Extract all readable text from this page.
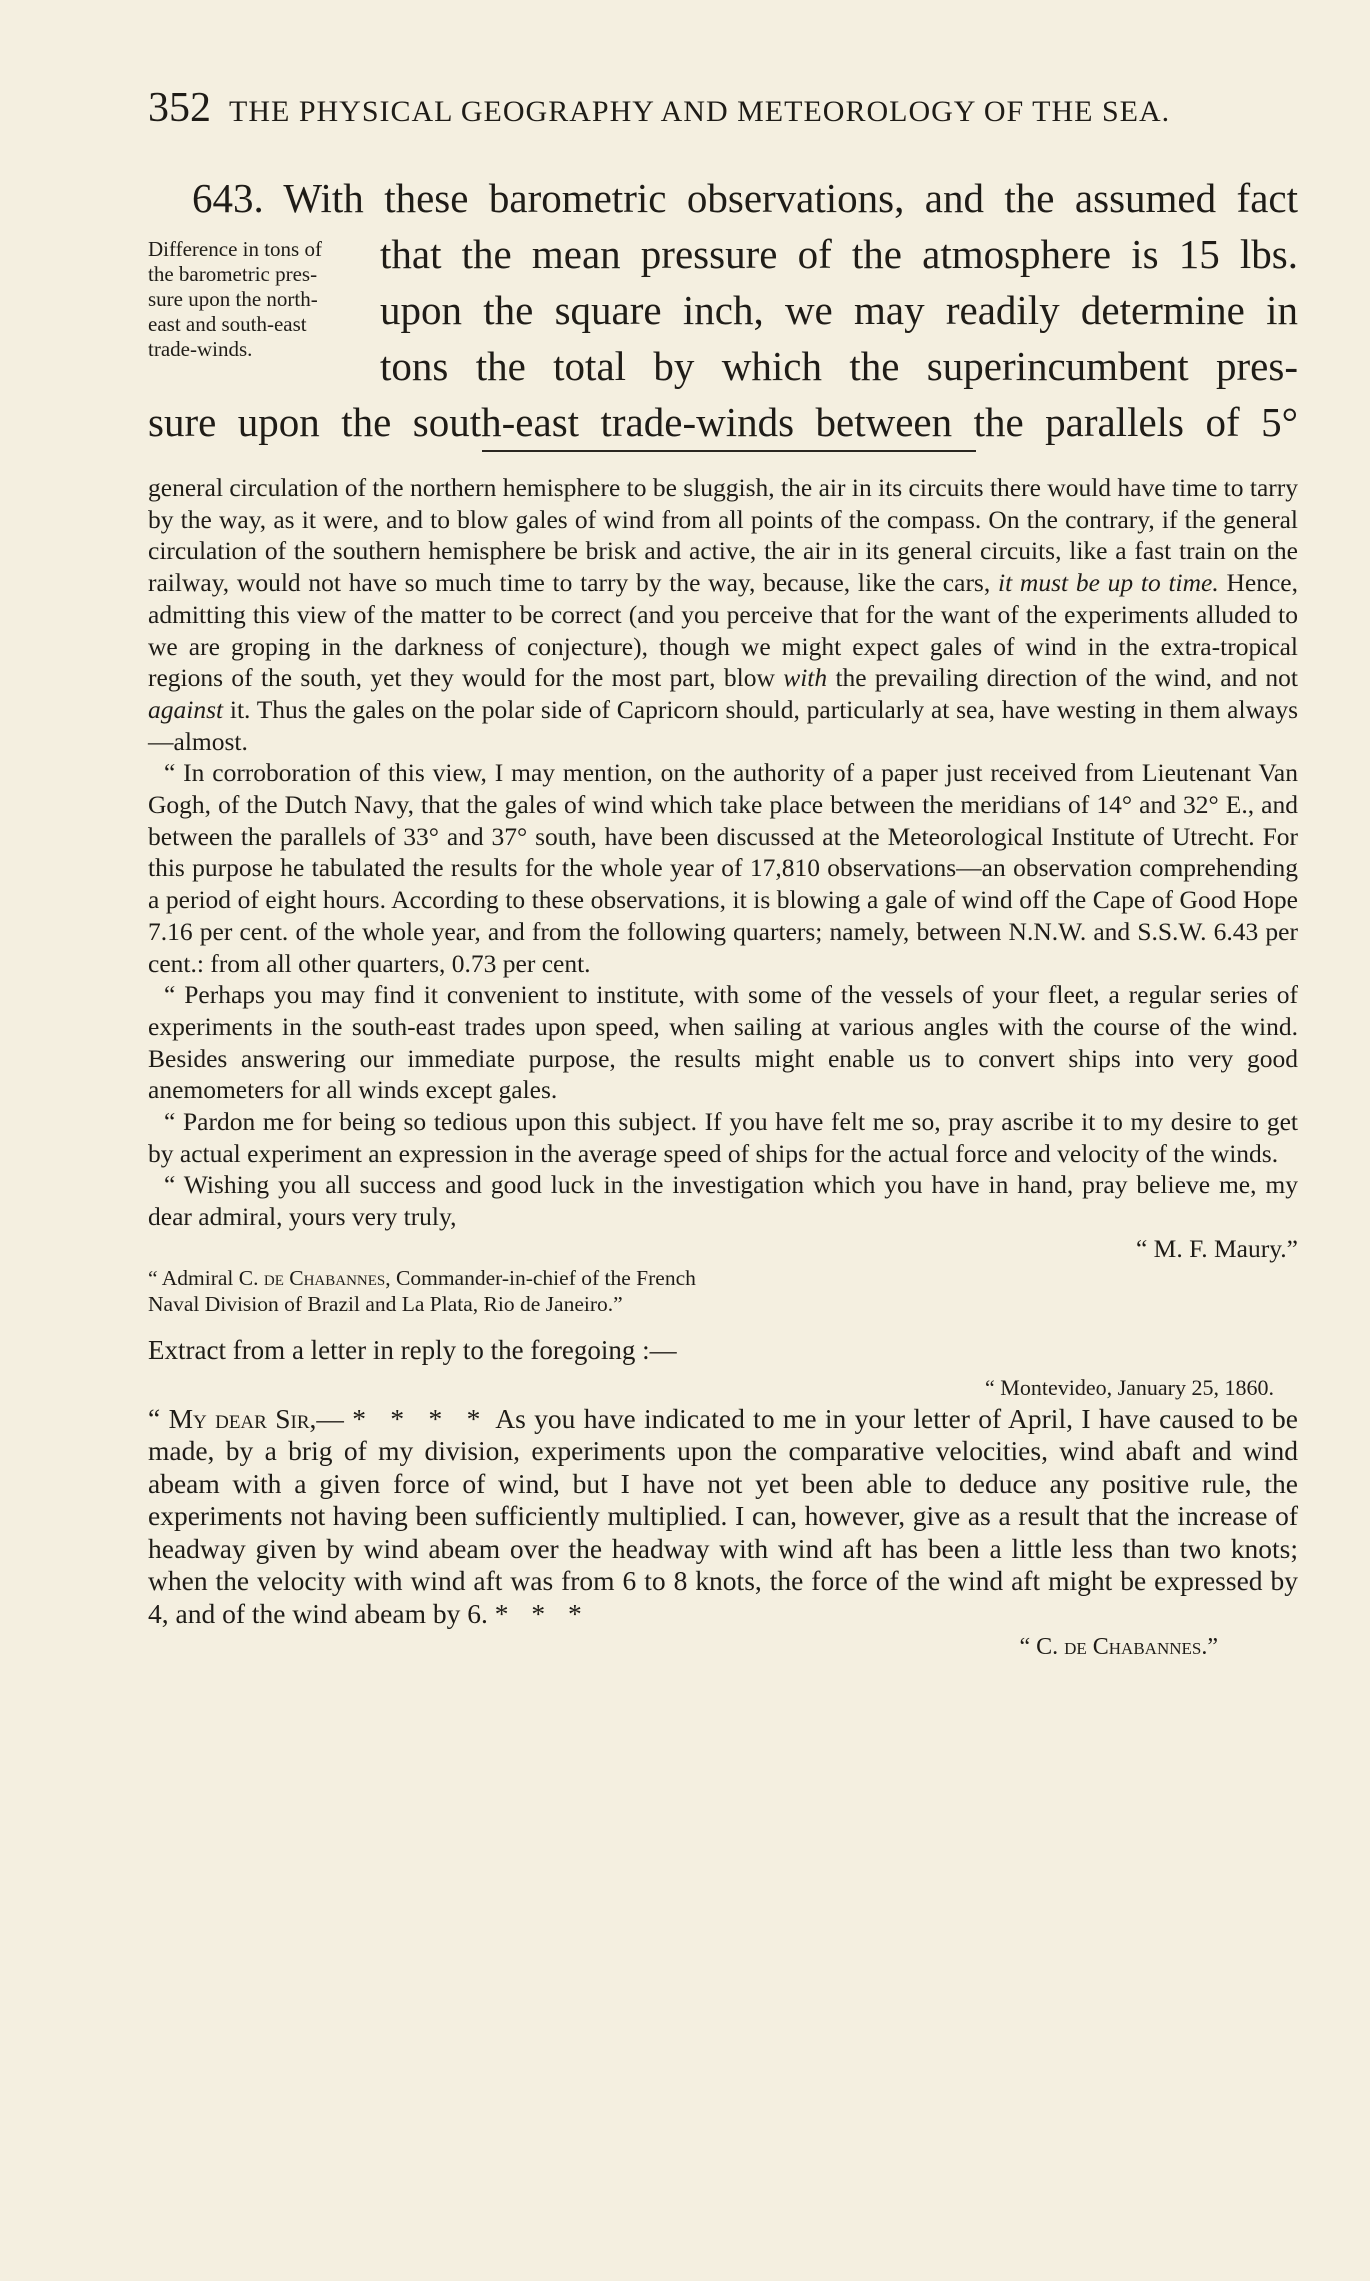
352 THE PHYSICAL GEOGRAPHY AND METEOROLOGY OF THE SEA.
643. With these barometric observations, and the assumed fact
Difference in tons of
the barometric pres-
sure upon the north-
east and south-east
trade-winds.
that the mean pressure of the atmosphere is 15 lbs.
upon the square inch, we may readily determine in
tons the total by which the superincumbent pres-
sure upon the south-east trade-winds between the parallels of 5°

general circulation of the northern hemisphere to be sluggish, the air in its circuits there would have time to tarry by the way, as it were, and to blow gales of wind from all points of the compass. On the contrary, if the general circulation of the southern hemisphere be brisk and active, the air in its general circuits, like a fast train on the railway, would not have so much time to tarry by the way, because, like the cars, it must be up to time. Hence, admitting this view of the matter to be correct (and you perceive that for the want of the experiments alluded to we are groping in the darkness of conjecture), though we might expect gales of wind in the extra-tropical regions of the south, yet they would for the most part, blow with the prevailing direction of the wind, and not against it. Thus the gales on the polar side of Capricorn should, particularly at sea, have westing in them always —almost.

“ In corroboration of this view, I may mention, on the authority of a paper just received from Lieutenant Van Gogh, of the Dutch Navy, that the gales of wind which take place between the meridians of 14° and 32° E., and between the parallels of 33° and 37° south, have been discussed at the Meteorological Institute of Utrecht. For this purpose he tabulated the results for the whole year of 17,810 observations—an observation comprehending a period of eight hours. According to these observations, it is blowing a gale of wind off the Cape of Good Hope 7.16 per cent. of the whole year, and from the following quarters; namely, between N.N.W. and S.S.W. 6.43 per cent.: from all other quarters, 0.73 per cent.

“ Perhaps you may find it convenient to institute, with some of the vessels of your fleet, a regular series of experiments in the south-east trades upon speed, when sailing at various angles with the course of the wind. Besides answering our immediate purpose, the results might enable us to convert ships into very good anemometers for all winds except gales.

“ Pardon me for being so tedious upon this subject. If you have felt me so, pray ascribe it to my desire to get by actual experiment an expression in the average speed of ships for the actual force and velocity of the winds.

“ Wishing you all success and good luck in the investigation which you have in hand, pray believe me, my dear admiral, yours very truly,

“ M. F. Maury.”

“ Admiral C. de Chabannes, Commander-in-chief of the French
Naval Division of Brazil and La Plata, Rio de Janeiro.”

Extract from a letter in reply to the foregoing :—

“ Montevideo, January 25, 1860.

“ My dear Sir,— * * * * As you have indicated to me in your letter of April, I have caused to be made, by a brig of my division, experiments upon the comparative velocities, wind abaft and wind abeam with a given force of wind, but I have not yet been able to deduce any positive rule, the experiments not having been sufficiently multiplied. I can, however, give as a result that the increase of headway given by wind abeam over the headway with wind aft has been a little less than two knots; when the velocity with wind aft was from 6 to 8 knots, the force of the wind aft might be expressed by 4, and of the wind abeam by 6. * * *

“ C. de Chabannes.”
